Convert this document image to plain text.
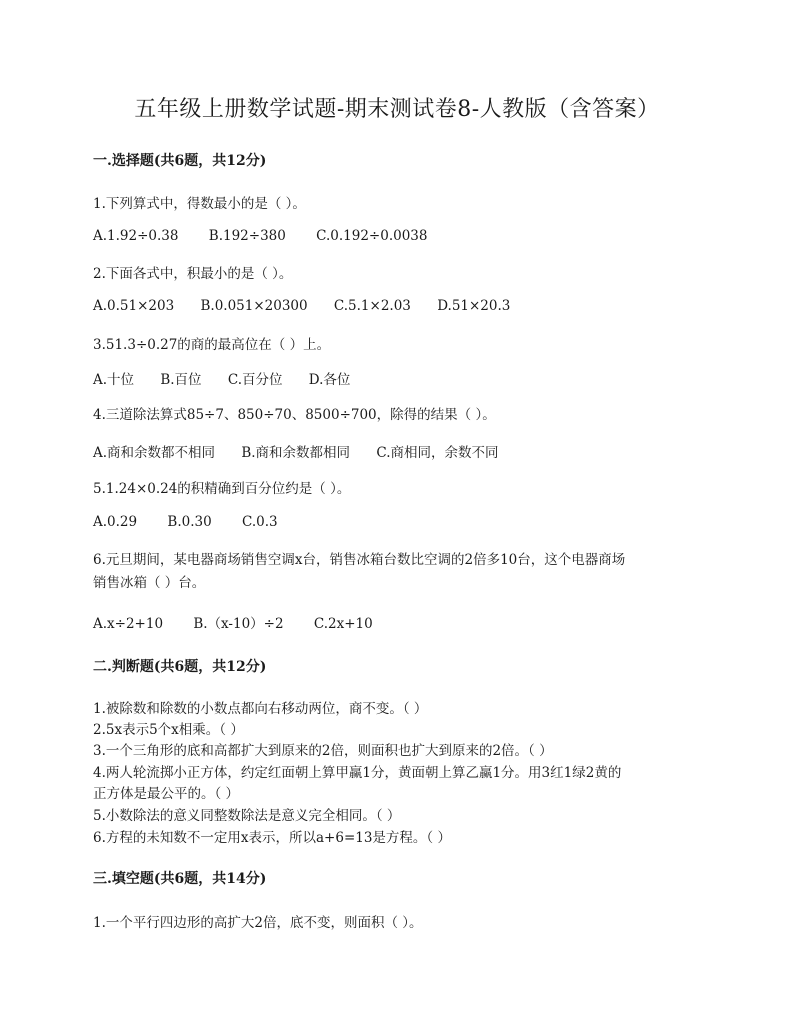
五年级上册数学试题-期末测试卷8-人教版（含答案）
一.选择题(共6题，共12分)
1.下列算式中，得数最小的是（ ）。
A.1.92÷0.38 B.192÷380 C.0.192÷0.0038
2.下面各式中，积最小的是（ ）。
A.0.51×203 B.0.051×20300 C.5.1×2.03 D.51×20.3
3.51.3÷0.27的商的最高位在（ ）上。
A.十位 B.百位 C.百分位 D.各位
4.三道除法算式85÷7、850÷70、8500÷700，除得的结果（ ）。
A.商和余数都不相同 B.商和余数都相同 C.商相同，余数不同
5.1.24×0.24的积精确到百分位约是（ ）。
A.0.29 B.0.30 C.0.3
6.元旦期间，某电器商场销售空调x台，销售冰箱台数比空调的2倍多10台，这个电器商场
销售冰箱（ ）台。
A.x÷2+10 B.（x-10）÷2 C.2x+10
二.判断题(共6题，共12分)
1.被除数和除数的小数点都向右移动两位，商不变。（ ）
2.5x表示5个x相乘。（ ）
3.一个三角形的底和高都扩大到原来的2倍，则面积也扩大到原来的2倍。（ ）
4.两人轮流掷小正方体，约定红面朝上算甲赢1分，黄面朝上算乙赢1分。用3红1绿2黄的
正方体是最公平的。（ ）
5.小数除法的意义同整数除法是意义完全相同。（ ）
6.方程的未知数不一定用x表示，所以a+6=13是方程。（ ）
三.填空题(共6题，共14分)
1.一个平行四边形的高扩大2倍，底不变，则面积（ ）。
